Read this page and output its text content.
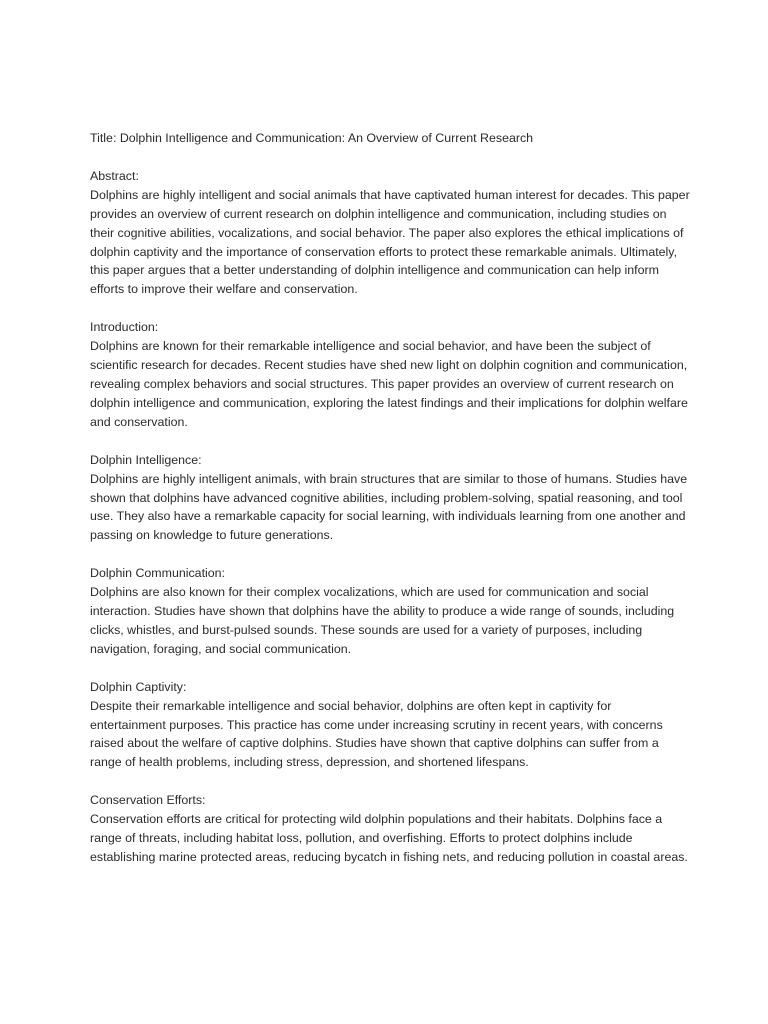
Title: Dolphin Intelligence and Communication: An Overview of Current Research
Abstract:
Dolphins are highly intelligent and social animals that have captivated human interest for decades. This paper provides an overview of current research on dolphin intelligence and communication, including studies on their cognitive abilities, vocalizations, and social behavior. The paper also explores the ethical implications of dolphin captivity and the importance of conservation efforts to protect these remarkable animals. Ultimately, this paper argues that a better understanding of dolphin intelligence and communication can help inform efforts to improve their welfare and conservation.
Introduction:
Dolphins are known for their remarkable intelligence and social behavior, and have been the subject of scientific research for decades. Recent studies have shed new light on dolphin cognition and communication, revealing complex behaviors and social structures. This paper provides an overview of current research on dolphin intelligence and communication, exploring the latest findings and their implications for dolphin welfare and conservation.
Dolphin Intelligence:
Dolphins are highly intelligent animals, with brain structures that are similar to those of humans. Studies have shown that dolphins have advanced cognitive abilities, including problem-solving, spatial reasoning, and tool use. They also have a remarkable capacity for social learning, with individuals learning from one another and passing on knowledge to future generations.
Dolphin Communication:
Dolphins are also known for their complex vocalizations, which are used for communication and social interaction. Studies have shown that dolphins have the ability to produce a wide range of sounds, including clicks, whistles, and burst-pulsed sounds. These sounds are used for a variety of purposes, including navigation, foraging, and social communication.
Dolphin Captivity:
Despite their remarkable intelligence and social behavior, dolphins are often kept in captivity for entertainment purposes. This practice has come under increasing scrutiny in recent years, with concerns raised about the welfare of captive dolphins. Studies have shown that captive dolphins can suffer from a range of health problems, including stress, depression, and shortened lifespans.
Conservation Efforts:
Conservation efforts are critical for protecting wild dolphin populations and their habitats. Dolphins face a range of threats, including habitat loss, pollution, and overfishing. Efforts to protect dolphins include establishing marine protected areas, reducing bycatch in fishing nets, and reducing pollution in coastal areas.
